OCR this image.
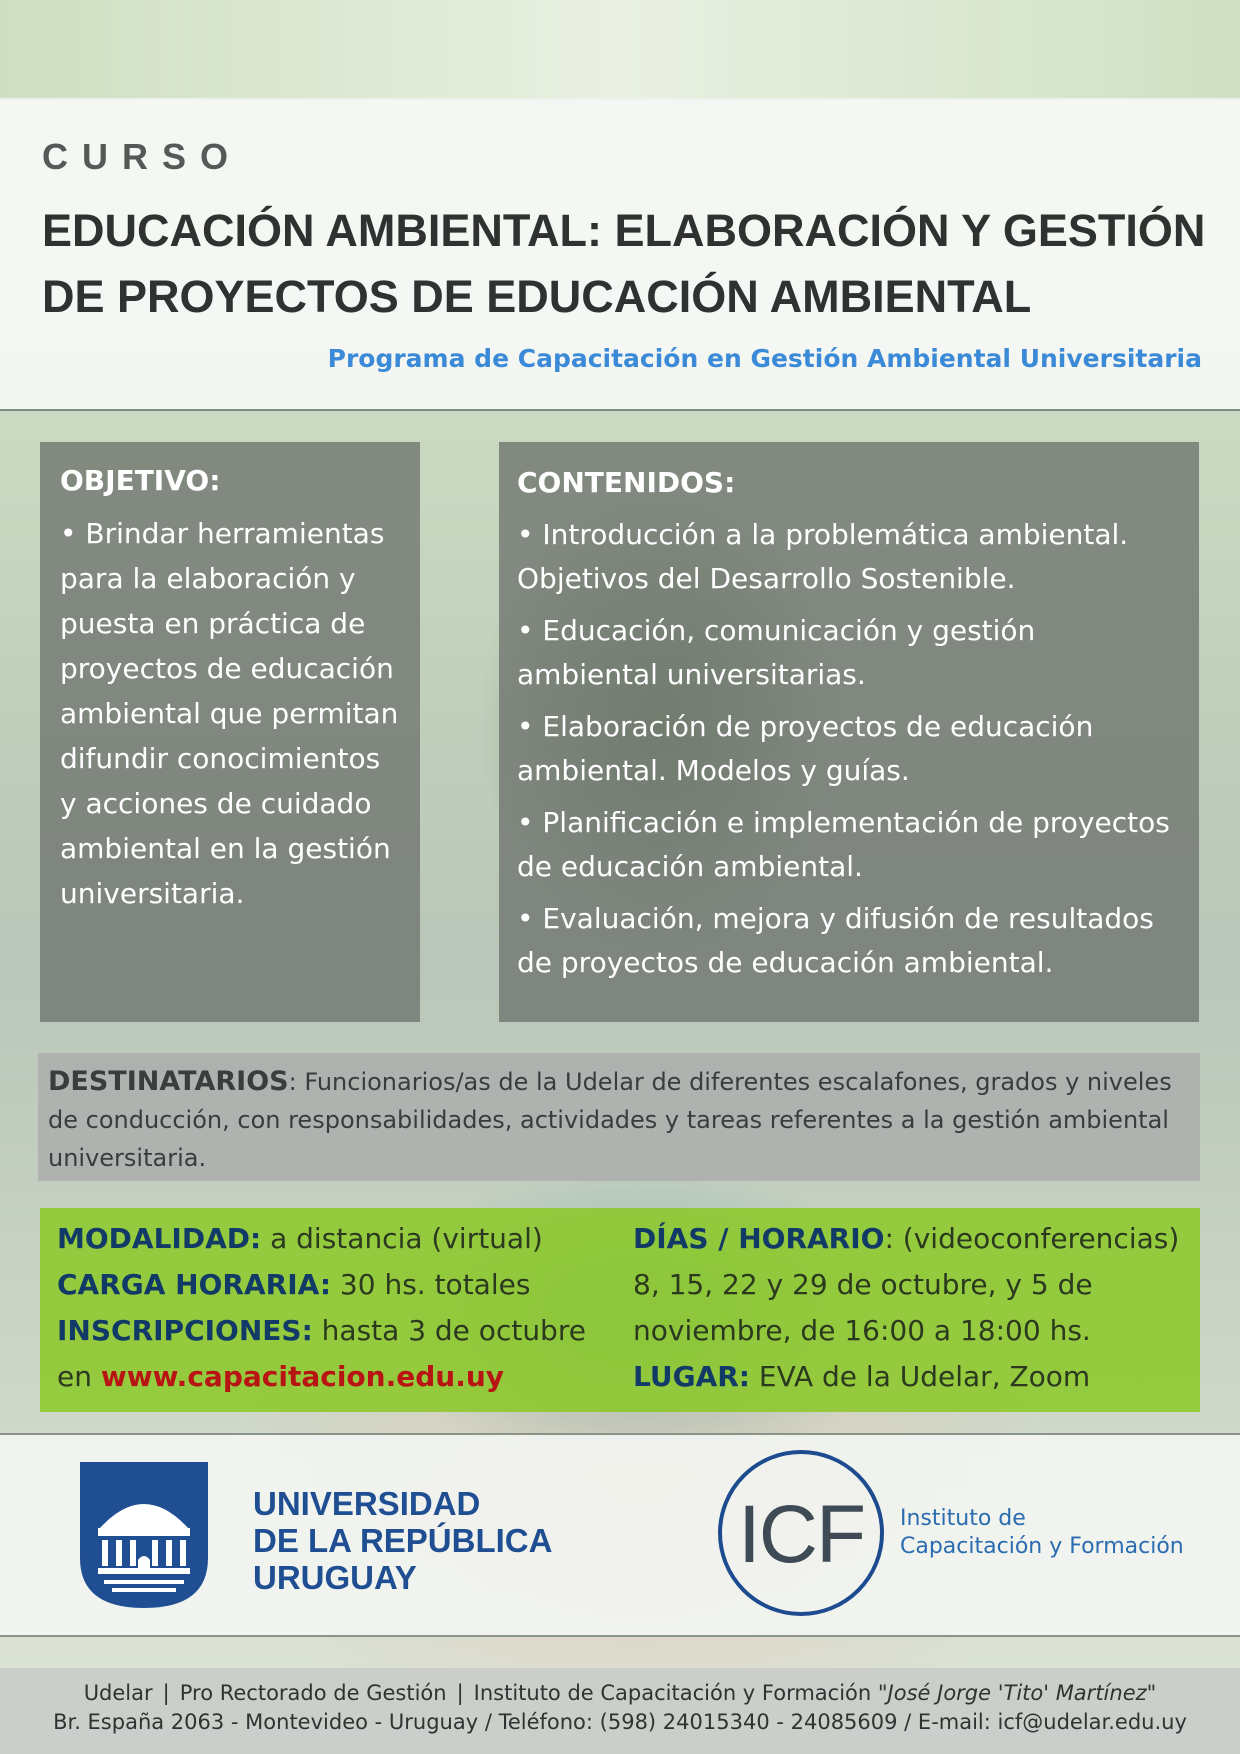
CURSO
EDUCACIÓN AMBIENTAL: ELABORACIÓN Y GESTIÓN
DE PROYECTOS DE EDUCACIÓN AMBIENTAL
Programa de Capacitación en Gestión Ambiental Universitaria
OBJETIVO:
• Brindar herramientas para la elaboración y puesta en práctica de proyectos de educación ambiental que permitan difundir conocimientos y acciones de cuidado ambiental en la gestión universitaria.
CONTENIDOS:
• Introducción a la problemática ambiental. Objetivos del Desarrollo Sostenible.
• Educación, comunicación y gestión ambiental universitarias.
• Elaboración de proyectos de educación ambiental. Modelos y guías.
• Planificación e implementación de proyectos de educación ambiental.
• Evaluación, mejora y difusión de resultados de proyectos de educación ambiental.
DESTINATARIOS: Funcionarios/as de la Udelar de diferentes escalafones, grados y niveles de conducción, con responsabilidades, actividades y tareas referentes a la gestión ambiental universitaria.
MODALIDAD: a distancia (virtual)
CARGA HORARIA: 30 hs. totales
INSCRIPCIONES: hasta 3 de octubre
en www.capacitacion.edu.uy
DÍAS / HORARIO: (videoconferencias)
8, 15, 22 y 29 de octubre, y 5 de noviembre, de 16:00 a 18:00 hs.
LUGAR: EVA de la Udelar, Zoom
UNIVERSIDAD
DE LA REPÚBLICA
URUGUAY	ICF	Instituto de
Capacitación y Formación
Udelar | Pro Rectorado de Gestión | Instituto de Capacitación y Formación "José Jorge 'Tito' Martínez"
Br. España 2063 - Montevideo - Uruguay / Teléfono: (598) 24015340 - 24085609 / E-mail: icf@udelar.edu.uy
